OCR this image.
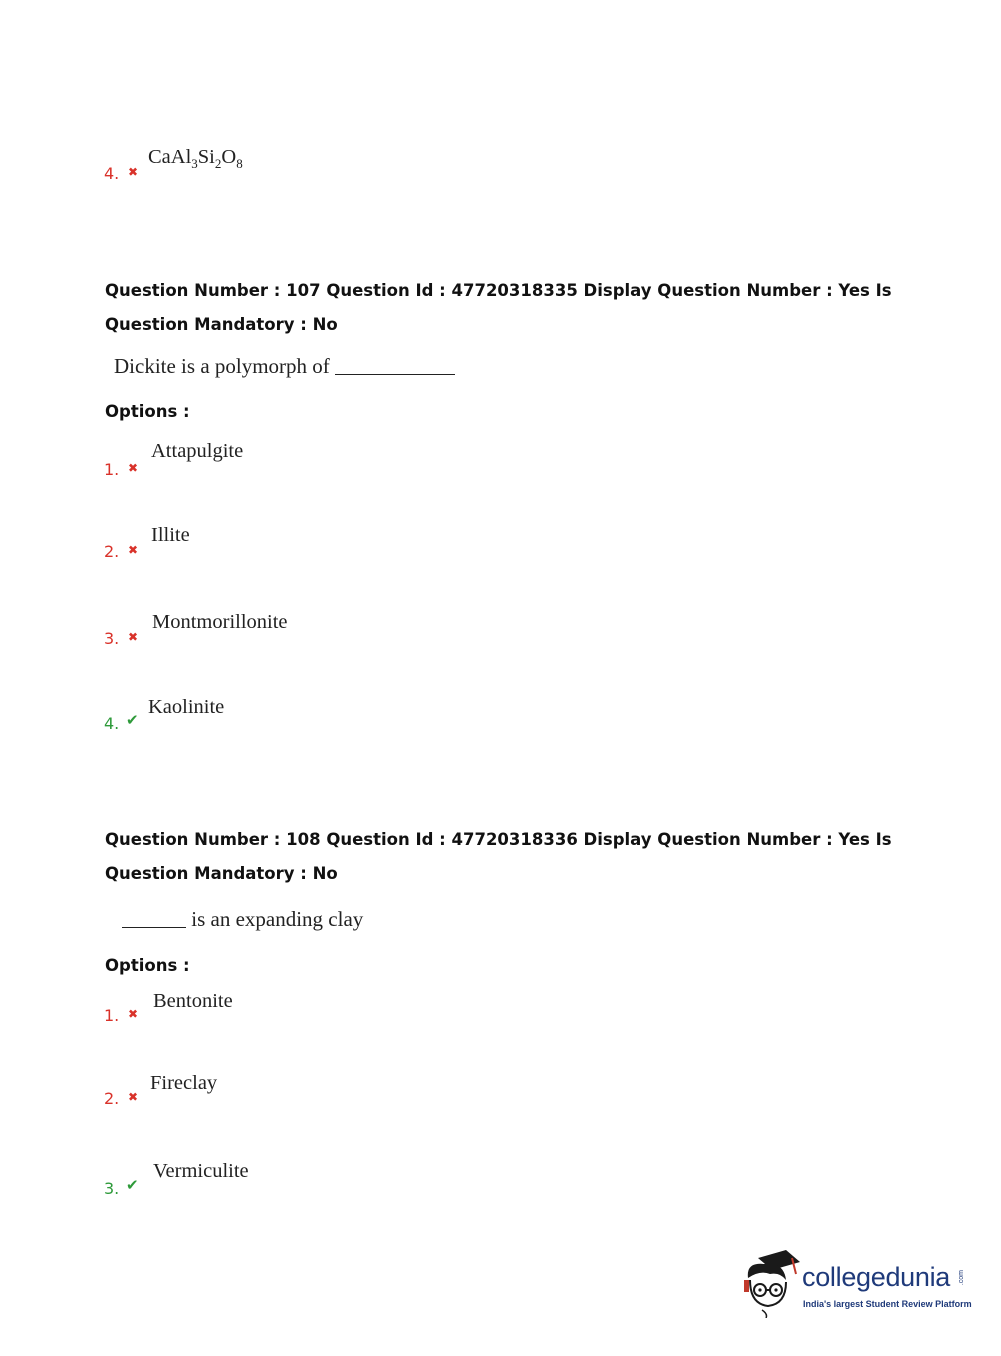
4. ✖
$CaAl_3Si_2O_8$
Question Number : 107 Question Id : 47720318335 Display Question Number : Yes Is Question Mandatory : No
Dickite is a polymorph of
Options :
1. ✖
Attapulgite
2. ✖
Illite
3. ✖
Montmorillonite
4. ✔
Kaolinite
Question Number : 108 Question Id : 47720318336 Display Question Number : Yes Is Question Mandatory : No
is an expanding clay
Options :
1. ✖
Bentonite
2. ✖
Fireclay
3. ✔
Vermiculite
collegedunia .com
India's largest Student Review Platform
